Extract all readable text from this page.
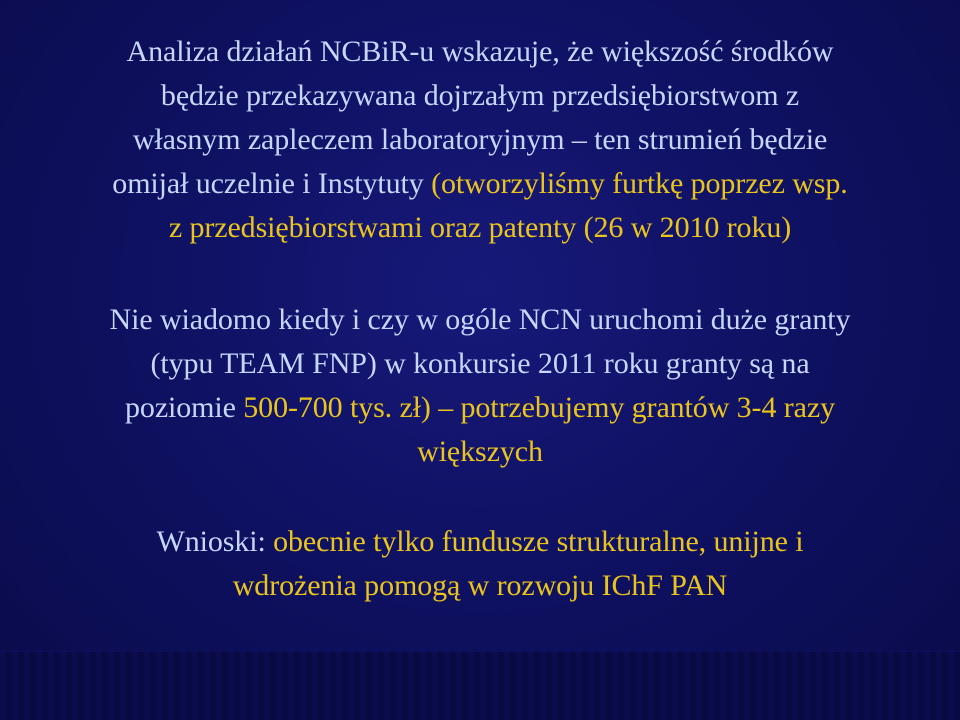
Analiza działań NCBiR-u wskazuje, że większość środków
będzie przekazywana dojrzałym przedsiębiorstwom z
własnym zapleczem laboratoryjnym – ten strumień będzie
omijał uczelnie i Instytuty (otworzyliśmy furtkę poprzez wsp.
z przedsiębiorstwami oraz patenty (26 w 2010 roku)
Nie wiadomo kiedy i czy w ogóle NCN uruchomi duże granty
(typu TEAM FNP) w konkursie 2011 roku granty są na
poziomie 500-700 tys. zł) – potrzebujemy grantów 3-4 razy
większych
Wnioski: obecnie tylko fundusze strukturalne, unijne i
wdrożenia pomogą w rozwoju IChF PAN
